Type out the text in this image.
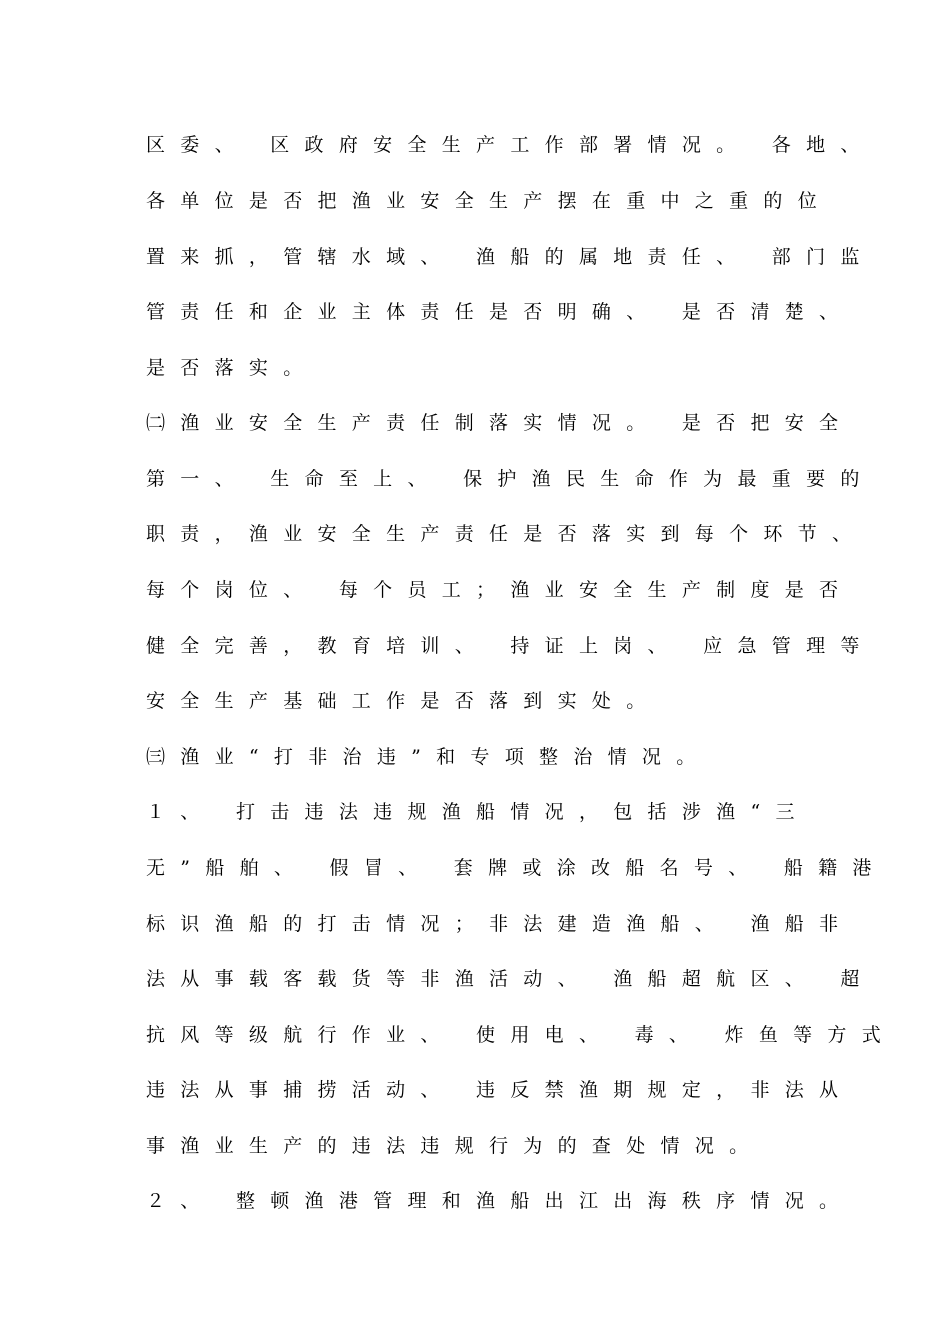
区委、 区政府安全生产工作部署情况。 各地、
各单位是否把渔业安全生产摆在重中之重的位
置来抓，管辖水域、 渔船的属地责任、 部门监
管责任和企业主体责任是否明确、 是否清楚、
是否落实。
㈡渔业安全生产责任制落实情况。 是否把安全
第一、 生命至上、 保护渔民生命作为最重要的
职责，渔业安全生产责任是否落实到每个环节、
每个岗位、 每个员工；渔业安全生产制度是否
健全完善，教育培训、 持证上岗、 应急管理等
安全生产基础工作是否落到实处。
㈢渔业“打非治违”和专项整治情况。
１、 打击违法违规渔船情况，包括涉渔“三
无”船舶、 假冒、 套牌或涂改船名号、 船籍港
标识渔船的打击情况；非法建造渔船、 渔船非
法从事载客载货等非渔活动、 渔船超航区、 超
抗风等级航行作业、 使用电、 毒、 炸鱼等方式
违法从事捕捞活动、 违反禁渔期规定，非法从
事渔业生产的违法违规行为的查处情况。
２、 整顿渔港管理和渔船出江出海秩序情况。
